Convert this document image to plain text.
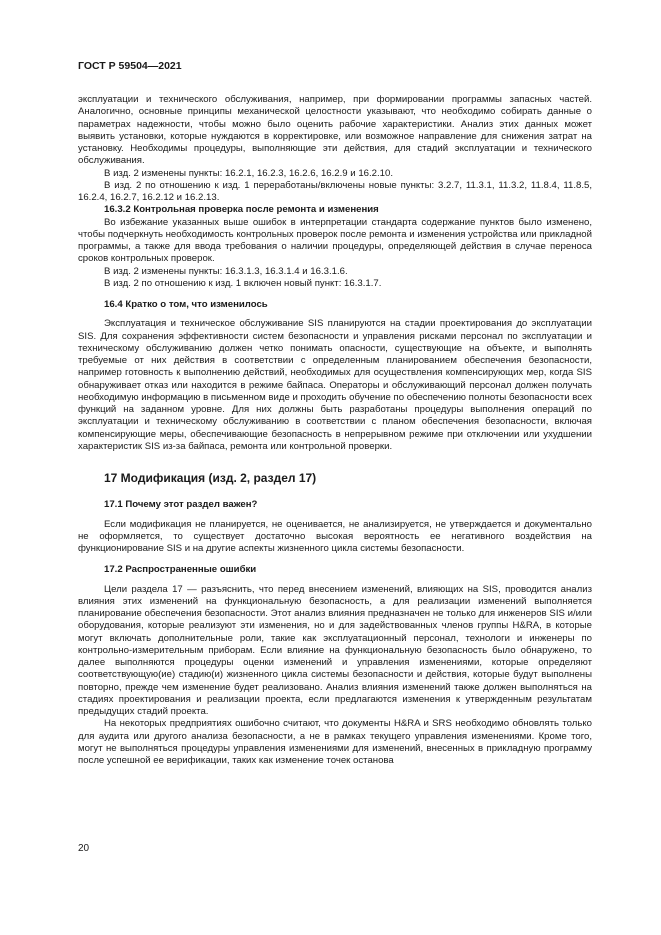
ГОСТ Р 59504—2021

эксплуатации и технического обслуживания, например, при формировании программы запасных частей. Аналогично, основные принципы механической целостности указывают, что необходимо собирать данные о параметрах надежности, чтобы можно было оценить рабочие характеристики. Анализ этих данных может выявить установки, которые нуждаются в корректировке, или возможное направление для снижения затрат на установку. Необходимы процедуры, выполняющие эти действия, для стадий эксплуатации и технического обслуживания.

В изд. 2 изменены пункты: 16.2.1, 16.2.3, 16.2.6, 16.2.9 и 16.2.10.

В изд. 2 по отношению к изд. 1 переработаны/включены новые пункты: 3.2.7, 11.3.1, 11.3.2, 11.8.4, 11.8.5, 16.2.4, 16.2.7, 16.2.12 и 16.2.13.

16.3.2 Контрольная проверка после ремонта и изменения

Во избежание указанных выше ошибок в интерпретации стандарта содержание пунктов было изменено, чтобы подчеркнуть необходимость контрольных проверок после ремонта и изменения устройства или прикладной программы, а также для ввода требования о наличии процедуры, определяющей действия в случае переноса сроков контрольных проверок.

В изд. 2 изменены пункты: 16.3.1.3, 16.3.1.4 и 16.3.1.6.

В изд. 2 по отношению к изд. 1 включен новый пункт: 16.3.1.7.

16.4 Кратко о том, что изменилось

Эксплуатация и техническое обслуживание SIS планируются на стадии проектирования до эксплуатации SIS. Для сохранения эффективности систем безопасности и управления рисками персонал по эксплуатации и техническому обслуживанию должен четко понимать опасности, существующие на объекте, и выполнять требуемые от них действия в соответствии с определенным планированием обеспечения безопасности, например готовность к выполнению действий, необходимых для осуществления компенсирующих мер, когда SIS обнаруживает отказ или находится в режиме байпаса. Операторы и обслуживающий персонал должен получать необходимую информацию в письменном виде и проходить обучение по обеспечению полноты безопасности всех функций на заданном уровне. Для них должны быть разработаны процедуры выполнения операций по эксплуатации и техническому обслуживанию в соответствии с планом обеспечения безопасности, включая компенсирующие меры, обеспечивающие безопасность в непрерывном режиме при отключении или ухудшении характеристик SIS из-за байпаса, ремонта или контрольной проверки.

17 Модификация (изд. 2, раздел 17)

17.1 Почему этот раздел важен?

Если модификация не планируется, не оценивается, не анализируется, не утверждается и документально не оформляется, то существует достаточно высокая вероятность ее негативного воздействия на функционирование SIS и на другие аспекты жизненного цикла системы безопасности.

17.2 Распространенные ошибки

Цели раздела 17 — разъяснить, что перед внесением изменений, влияющих на SIS, проводится анализ влияния этих изменений на функциональную безопасность, а для реализации изменений выполняется планирование обеспечения безопасности. Этот анализ влияния предназначен не только для инженеров SIS и/или оборудования, которые реализуют эти изменения, но и для задействованных членов группы H&RA, в которые могут включать дополнительные роли, такие как эксплуатационный персонал, технологи и инженеры по контрольно-измерительным приборам. Если влияние на функциональную безопасность было обнаружено, то далее выполняются процедуры оценки изменений и управления изменениями, которые определяют соответствующую(ие) стадию(и) жизненного цикла системы безопасности и действия, которые будут выполнены повторно, прежде чем изменение будет реализовано. Анализ влияния изменений также должен выполняться на стадиях проектирования и реализации проекта, если предлагаются изменения к утвержденным результатам предыдущих стадий проекта.

На некоторых предприятиях ошибочно считают, что документы H&RA и SRS необходимо обновлять только для аудита или другого анализа безопасности, а не в рамках текущего управления изменениями. Кроме того, могут не выполняться процедуры управления изменениями для изменений, внесенных в прикладную программу после успешной ее верификации, таких как изменение точек останова

20
